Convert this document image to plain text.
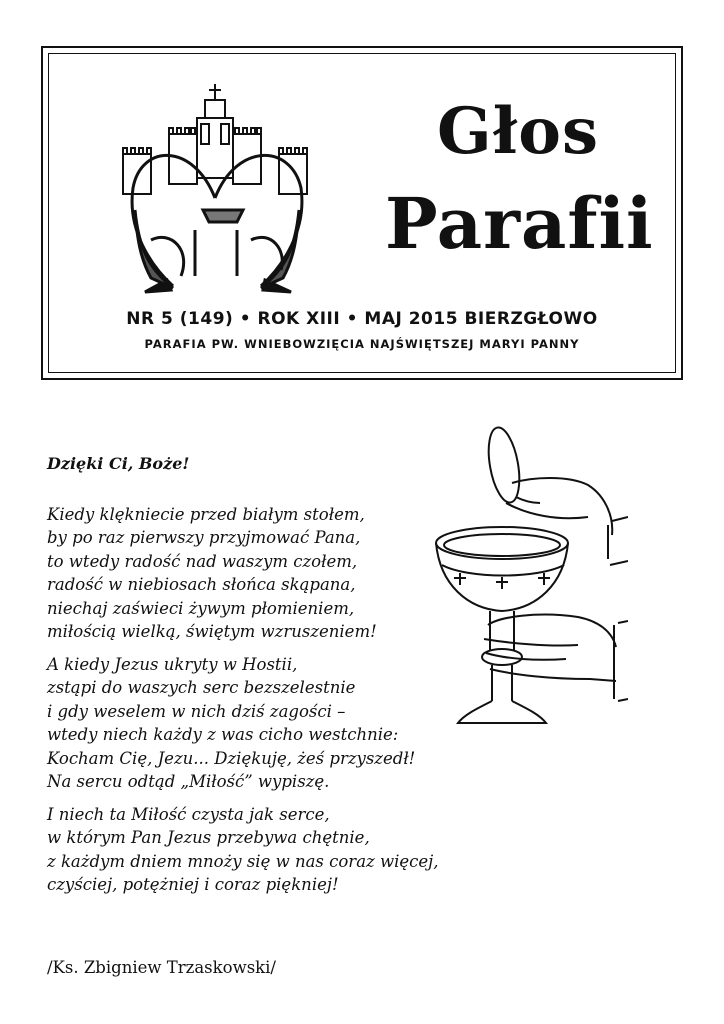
Głos
Parafii
NR 5 (149) • ROK XIII • MAJ 2015 BIERZGŁOWO
PARAFIA PW. WNIEBOWZIĘCIA NAJŚWIĘTSZEJ MARYI PANNY
Dzięki Ci, Boże!
Kiedy klękniecie przed białym stołem,
by po raz pierwszy przyjmować Pana,
to wtedy radość nad waszym czołem,
radość w niebiosach słońca skąpana,
niechaj zaświeci żywym płomieniem,
miłością wielką, świętym wzruszeniem!
A kiedy Jezus ukryty w Hostii,
zstąpi do waszych serc bezszelestnie
i gdy weselem w nich dziś zagości –
wtedy niech każdy z was cicho westchnie:
Kocham Cię, Jezu... Dziękuję, żeś przyszedł!
Na sercu odtąd „Miłość” wypiszę.
I niech ta Miłość czysta jak serce,
w którym Pan Jezus przebywa chętnie,
z każdym dniem mnoży się w nas coraz więcej,
czyściej, potężniej i coraz piękniej!
/Ks. Zbigniew Trzaskowski/
